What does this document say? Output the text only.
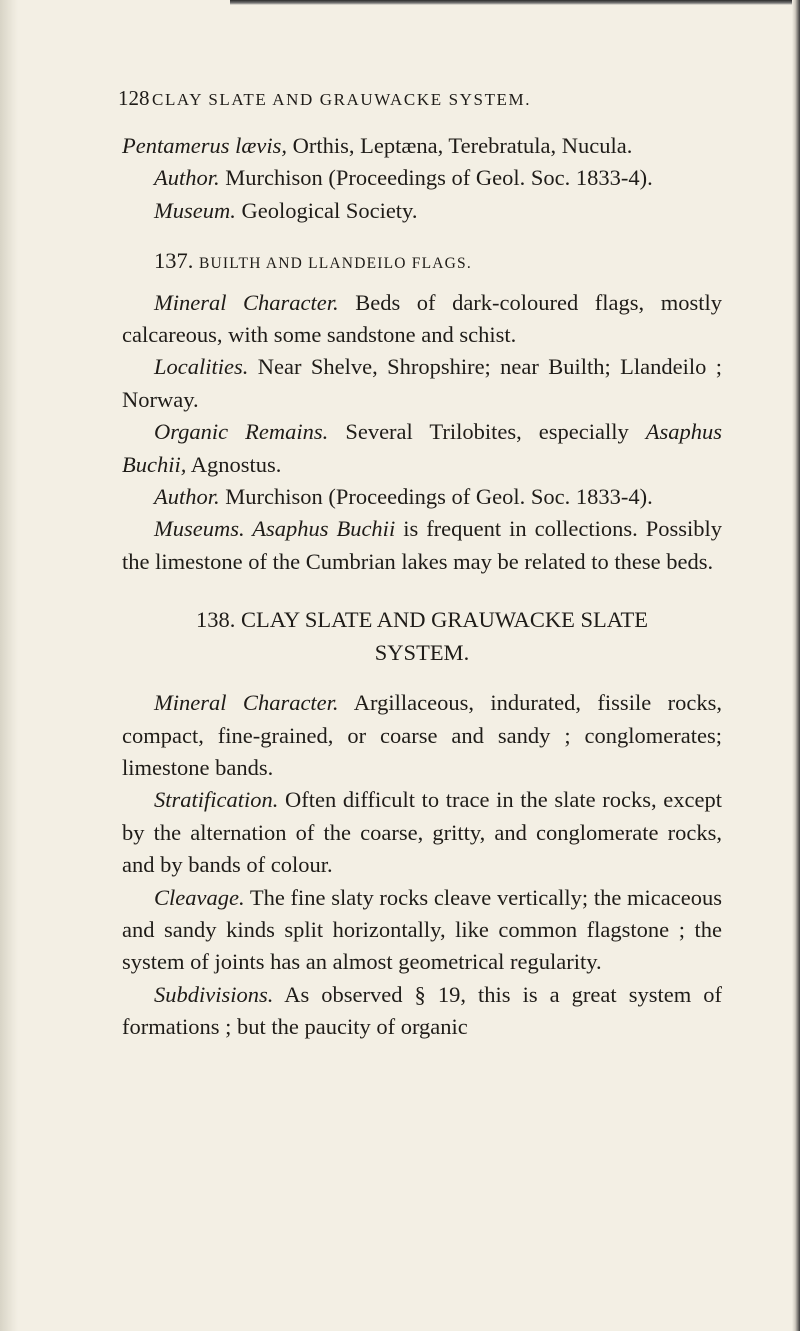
128 CLAY SLATE AND GRAUWACKE SYSTEM.

Pentamerus lævis, Orthis, Leptæna, Terebratula, Nucula.

Author. Murchison (Proceedings of Geol. Soc. 1833-4).

Museum. Geological Society.

137. BUILTH AND LLANDEILO FLAGS.

Mineral Character. Beds of dark-coloured flags, mostly calcareous, with some sandstone and schist.

Localities. Near Shelve, Shropshire; near Builth; Llandeilo ; Norway.

Organic Remains. Several Trilobites, especially Asaphus Buchii, Agnostus.

Author. Murchison (Proceedings of Geol. Soc. 1833-4).

Museums. Asaphus Buchii is frequent in collections. Possibly the limestone of the Cumbrian lakes may be related to these beds.

138. CLAY SLATE AND GRAUWACKE SLATE
SYSTEM.

Mineral Character. Argillaceous, indurated, fissile rocks, compact, fine-grained, or coarse and sandy ; conglomerates; limestone bands.

Stratification. Often difficult to trace in the slate rocks, except by the alternation of the coarse, gritty, and conglomerate rocks, and by bands of colour.

Cleavage. The fine slaty rocks cleave vertically; the micaceous and sandy kinds split horizontally, like common flagstone ; the system of joints has an almost geometrical regularity.

Subdivisions. As observed § 19, this is a great system of formations ; but the paucity of organic
